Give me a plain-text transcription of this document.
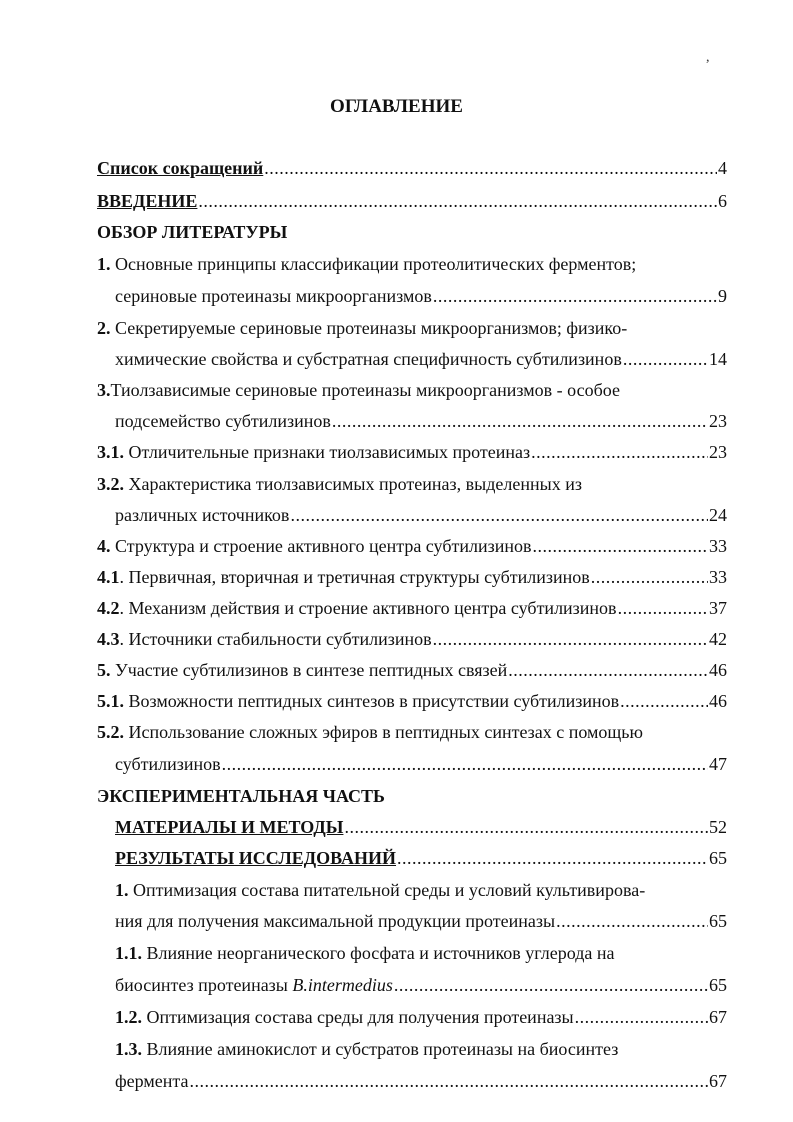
,
ОГЛАВЛЕНИЕ
Список сокращений .....	4
ВВЕДЕНИЕ .....	6
ОБЗОР ЛИТЕРАТУРЫ
1. Основные принципы классификации протеолитических ферментов;
сериновые протеиназы микроорганизмов .....	9
2. Секретируемые сериновые протеиназы микроорганизмов; физико-
химические свойства и субстратная специфичность субтилизинов .....	14
3.Тиолзависимые сериновые протеиназы микроорганизмов - особое
подсемейство субтилизинов .....	23
3.1. Отличительные признаки тиолзависимых протеиназ .....	23
3.2. Характеристика тиолзависимых протеиназ, выделенных из
различных источников .....	24
4. Структура и строение активного центра субтилизинов .....	33
4.1. Первичная, вторичная и третичная структуры субтилизинов .....	33
4.2. Механизм действия и строение активного центра субтилизинов .....	37
4.3. Источники стабильности субтилизинов .....	42
5. Участие субтилизинов в синтезе пептидных связей .....	46
5.1. Возможности пептидных синтезов в присутствии субтилизинов .....	46
5.2. Использование сложных эфиров в пептидных синтезах с помощью
субтилизинов .....	47
ЭКСПЕРИМЕНТАЛЬНАЯ ЧАСТЬ
МАТЕРИАЛЫ И МЕТОДЫ .....	52
РЕЗУЛЬТАТЫ ИССЛЕДОВАНИЙ .....	65
1. Оптимизация состава питательной среды и условий культивирова-
ния для получения максимальной продукции протеиназы .....	65
1.1. Влияние неорганического фосфата и источников углерода на
биосинтез протеиназы B.intermedius .....	65
1.2. Оптимизация состава среды для получения протеиназы .....	67
1.3. Влияние аминокислот и субстратов протеиназы на биосинтез
фермента .....	67
